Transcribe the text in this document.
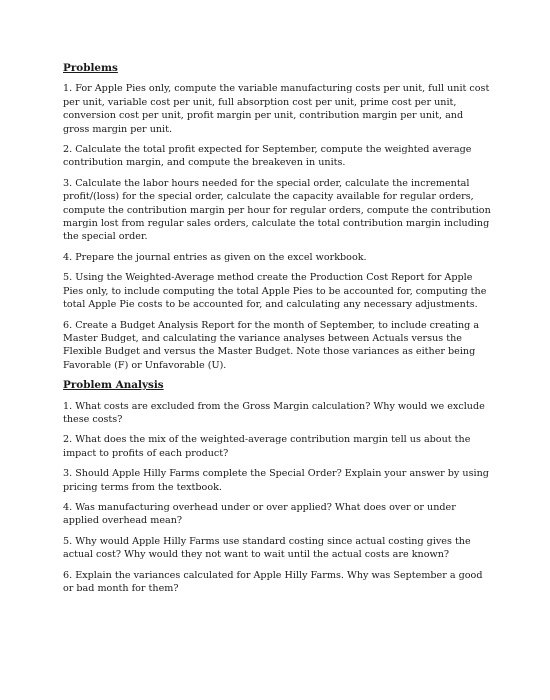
Problems

1. For Apple Pies only, compute the variable manufacturing costs per unit, full unit cost per unit, variable cost per unit, full absorption cost per unit, prime cost per unit, conversion cost per unit, profit margin per unit, contribution margin per unit, and gross margin per unit.

2. Calculate the total profit expected for September, compute the weighted average contribution margin, and compute the breakeven in units.

3. Calculate the labor hours needed for the special order, calculate the incremental profit/(loss) for the special order, calculate the capacity available for regular orders, compute the contribution margin per hour for regular orders, compute the contribution margin lost from regular sales orders, calculate the total contribution margin including the special order.

4. Prepare the journal entries as given on the excel workbook.

5. Using the Weighted-Average method create the Production Cost Report for Apple Pies only, to include computing the total Apple Pies to be accounted for, computing the total Apple Pie costs to be accounted for, and calculating any necessary adjustments.

6. Create a Budget Analysis Report for the month of September, to include creating a Master Budget, and calculating the variance analyses between Actuals versus the Flexible Budget and versus the Master Budget. Note those variances as either being Favorable (F) or Unfavorable (U).

Problem Analysis

1. What costs are excluded from the Gross Margin calculation? Why would we exclude these costs?

2. What does the mix of the weighted-average contribution margin tell us about the impact to profits of each product?

3. Should Apple Hilly Farms complete the Special Order? Explain your answer by using pricing terms from the textbook.

4. Was manufacturing overhead under or over applied? What does over or under applied overhead mean?

5. Why would Apple Hilly Farms use standard costing since actual costing gives the actual cost? Why would they not want to wait until the actual costs are known?

6. Explain the variances calculated for Apple Hilly Farms. Why was September a good or bad month for them?
